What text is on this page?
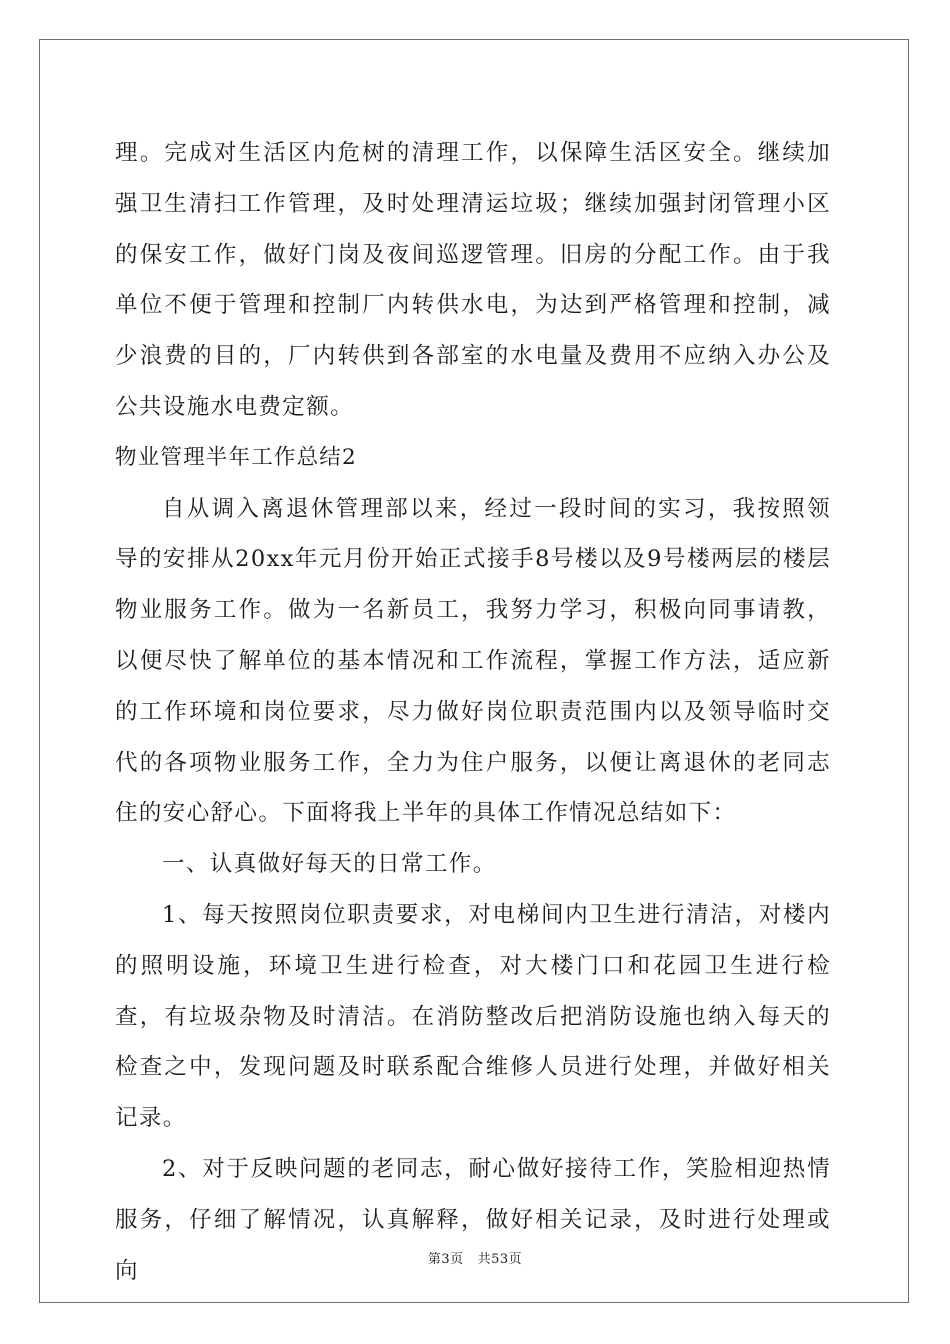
理。完成对生活区内危树的清理工作，以保障生活区安全。继续加强卫生清扫工作管理，及时处理清运垃圾；继续加强封闭管理小区的保安工作，做好门岗及夜间巡逻管理。旧房的分配工作。由于我单位不便于管理和控制厂内转供水电，为达到严格管理和控制，减少浪费的目的，厂内转供到各部室的水电量及费用不应纳入办公及公共设施水电费定额。

物业管理半年工作总结2

自从调入离退休管理部以来，经过一段时间的实习，我按照领导的安排从20xx年元月份开始正式接手8号楼以及9号楼两层的楼层物业服务工作。做为一名新员工，我努力学习，积极向同事请教，以便尽快了解单位的基本情况和工作流程，掌握工作方法，适应新的工作环境和岗位要求，尽力做好岗位职责范围内以及领导临时交代的各项物业服务工作，全力为住户服务，以便让离退休的老同志住的安心舒心。下面将我上半年的具体工作情况总结如下：

一、认真做好每天的日常工作。

1、每天按照岗位职责要求，对电梯间内卫生进行清洁，对楼内的照明设施，环境卫生进行检查，对大楼门口和花园卫生进行检查，有垃圾杂物及时清洁。在消防整改后把消防设施也纳入每天的检查之中，发现问题及时联系配合维修人员进行处理，并做好相关记录。

2、对于反映问题的老同志，耐心做好接待工作，笑脸相迎热情服务，仔细了解情况，认真解释，做好相关记录，及时进行处理或向	第3页 共53页
